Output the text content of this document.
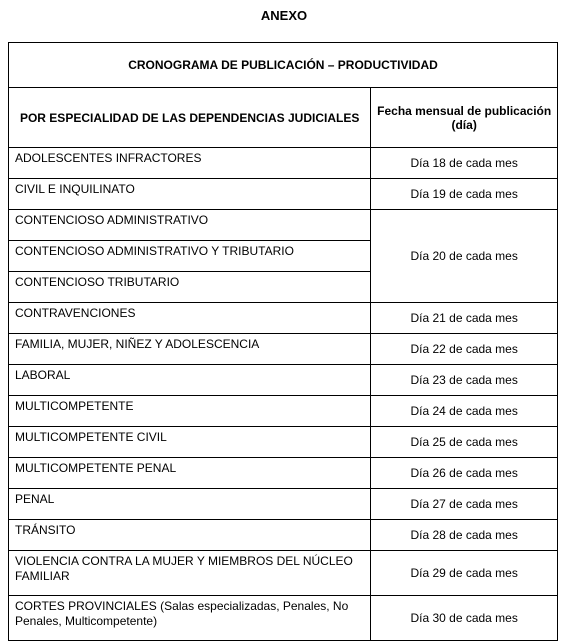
ANEXO
CRONOGRAMA DE PUBLICACIÓN – PRODUCTIVIDAD	
POR ESPECIALIDAD DE LAS DEPENDENCIAS JUDICIALES	Fecha mensual de publicación (día)
ADOLESCENTES INFRACTORES	Día 18 de cada mes
CIVIL E INQUILINATO	Día 19 de cada mes
CONTENCIOSO ADMINISTRATIVO	Día 20 de cada mes
CONTENCIOSO ADMINISTRATIVO Y TRIBUTARIO	
CONTENCIOSO TRIBUTARIO	
CONTRAVENCIONES	Día 21 de cada mes
FAMILIA, MUJER, NIÑEZ Y ADOLESCENCIA	Día 22 de cada mes
LABORAL	Día 23 de cada mes
MULTICOMPETENTE	Día 24 de cada mes
MULTICOMPETENTE CIVIL	Día 25 de cada mes
MULTICOMPETENTE PENAL	Día 26 de cada mes
PENAL	Día 27 de cada mes
TRÁNSITO	Día 28 de cada mes
VIOLENCIA CONTRA LA MUJER Y MIEMBROS DEL NÚCLEO FAMILIAR	Día 29 de cada mes
CORTES PROVINCIALES (Salas especializadas, Penales, No Penales, Multicompetente)	Día 30 de cada mes
